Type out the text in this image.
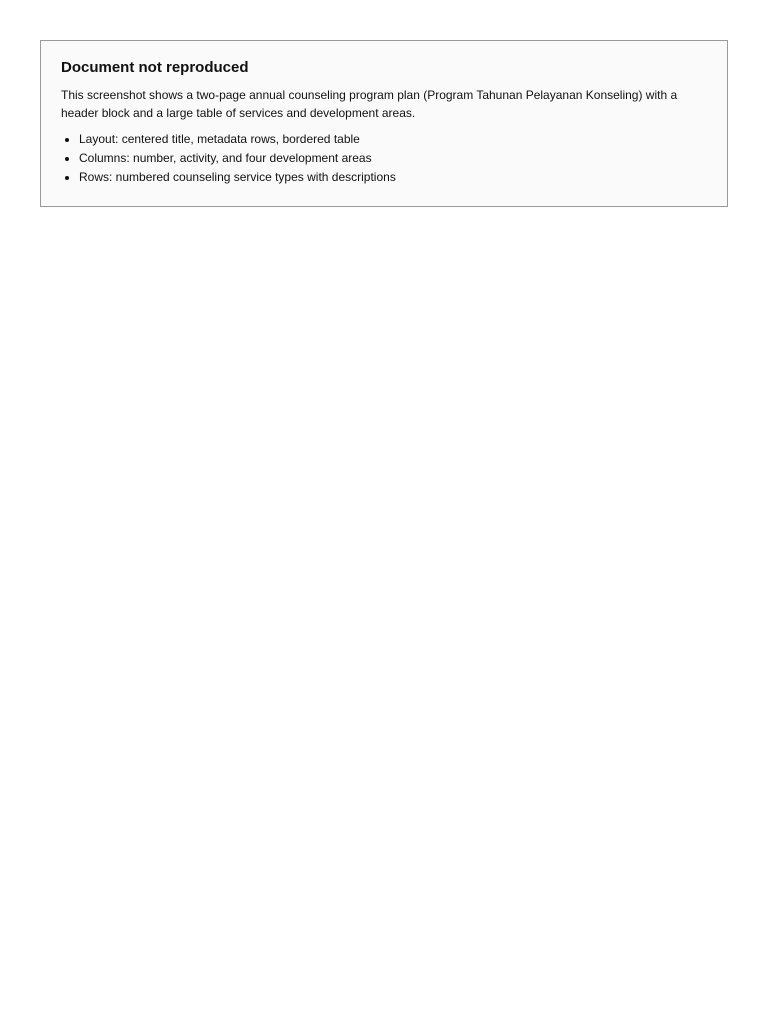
Document not reproduced

This screenshot shows a two-page annual counseling program plan (Program Tahunan Pelayanan Konseling) with a header block and a large table of services and development areas.

• Layout: centered title, metadata rows, bordered table
• Columns: number, activity, and four development areas
• Rows: numbered counseling service types with descriptions
